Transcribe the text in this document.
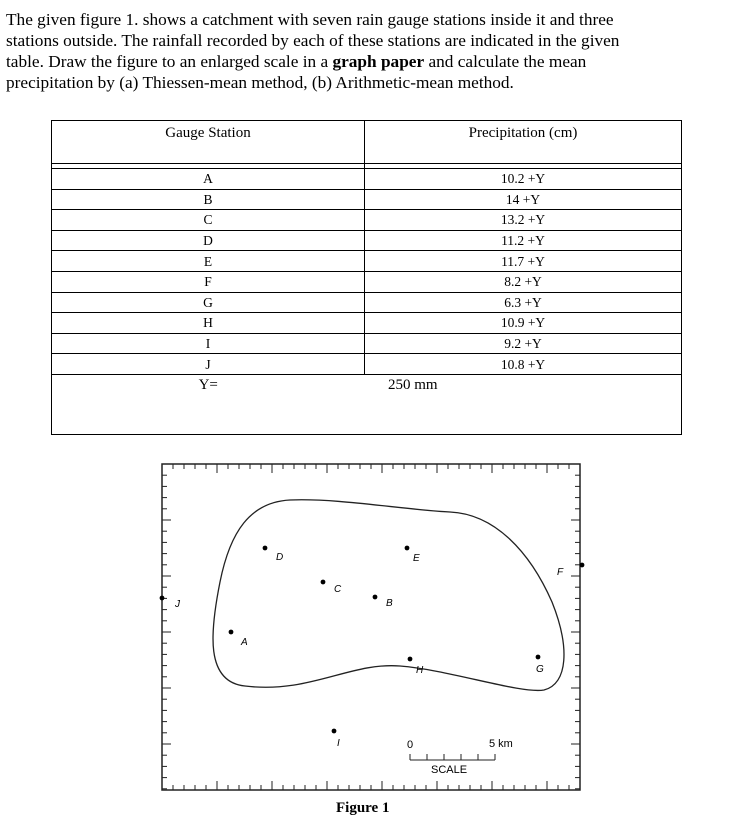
The given figure 1. shows a catchment with seven rain gauge stations inside it and three

stations outside. The rainfall recorded by each of these stations are indicated in the given

table. Draw the figure to an enlarged scale in a graph paper and calculate the mean

precipitation by (a) Thiessen-mean method, (b) Arithmetic-mean method.

Gauge Station	Precipitation (cm)

A	10.2 +Y
B	14 +Y
C	13.2 +Y
D	11.2 +Y
E	11.7 +Y
F	8.2 +Y
G	6.3 +Y
H	10.9 +Y
I	9.2 +Y
J	10.8 +Y
Y=	250 mm
A
B
C
D	E
F
G
H
I
J
0	5 km
SCALE
Figure 1
